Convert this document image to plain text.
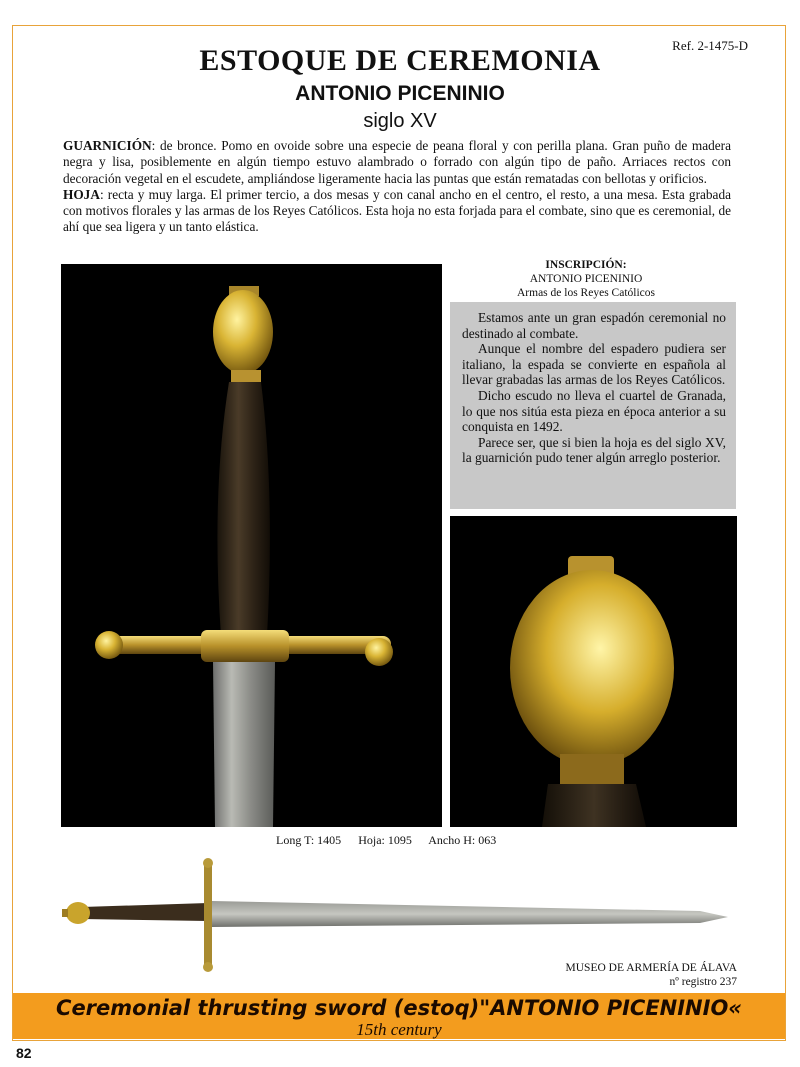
Ref. 2-1475-D
ESTOQUE DE CEREMONIA
ANTONIO PICENINIO
siglo XV

GUARNICIÓN: de bronce. Pomo en ovoide sobre una especie de peana floral y con perilla plana. Gran puño de madera negra y lisa, posiblemente en algún tiempo estuvo alambrado o forrado con algún tipo de paño. Arriaces rectos con decoración vegetal en el escudete, ampliándose ligeramente hacia las puntas que están rematadas con bellotas y orificios.

HOJA: recta y muy larga. El primer tercio, a dos mesas y con canal ancho en el centro, el resto, a una mesa. Esta grabada con motivos florales y las armas de los Reyes Católicos. Esta hoja no esta forjada para el combate, sino que es ceremonial, de ahí que sea ligera y un tanto elástica.

INSCRIPCIÓN:
ANTONIO PICENINIO
Armas de los Reyes Católicos

Estamos ante un gran espadón ceremonial no destinado al combate.

Aunque el nombre del espadero pudiera ser italiano, la espada se convierte en española al llevar grabadas las armas de los Reyes Católicos.

Dicho escudo no lleva el cuartel de Granada, lo que nos sitúa esta pieza en época anterior a su conquista en 1492.

Parece ser, que si bien la hoja es del siglo XV, la guarnición pudo tener algún arreglo posterior.

Long T: 1405 Hoja: 1095 Ancho H: 063
MUSEO DE ARMERÍA DE ÁLAVA
nº registro 237
Ceremonial thrusting sword (estoq)"ANTONIO PICENINIO«
15th century
82
